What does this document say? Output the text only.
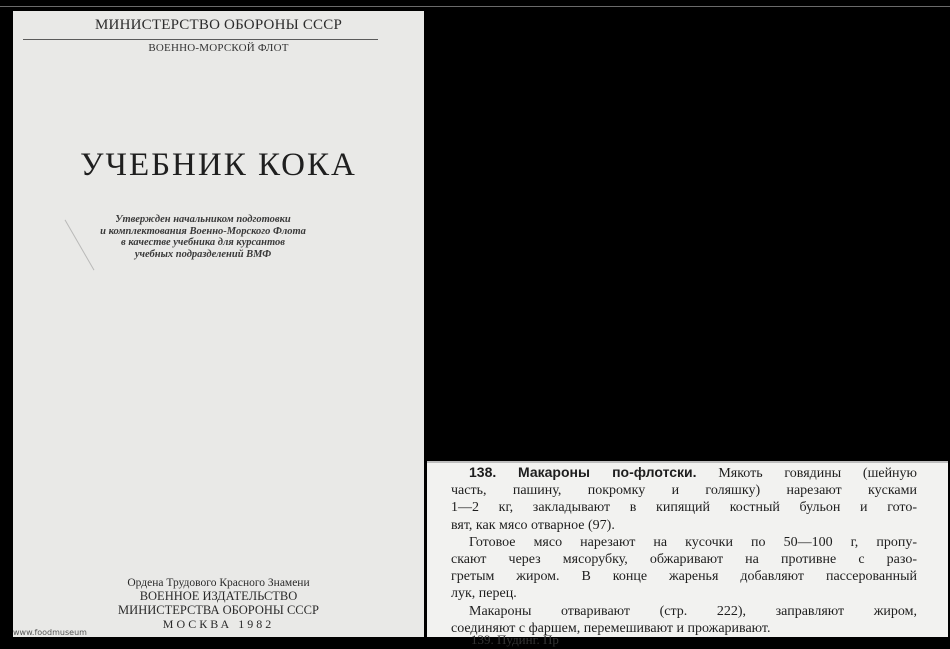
МИНИСТЕРСТВО ОБОРОНЫ СССР
ВОЕННО-МОРСКОЙ ФЛОТ
УЧЕБНИК КОКА
Утвержден начальником подготовки
и комплектования Военно-Морского Флота
в качестве учебника для курсантов
учебных подразделений ВМФ
Ордена Трудового Красного Знамени
ВОЕННОЕ ИЗДАТЕЛЬСТВО
МИНИСТЕРСТВА ОБОРОНЫ СССР
МОСКВА 1982
www.foodmuseum
138. Макароны по-флотски. Мякоть говядины (шейную
часть, пашину, покромку и голяшку) нарезают кусками
1—2 кг, закладывают в кипящий костный бульон и гото-
вят, как мясо отварное (97).
Готовое мясо нарезают на кусочки по 50—100 г, пропу-
скают через мясорубку, обжаривают на противне с разо-
гретым жиром. В конце жаренья добавляют пассерованный
лук, перец.
Макароны отваривают (стр. 222), заправляют жиром,
соединяют с фаршем, перемешивают и прожаривают.
139. Пудинг. Пр
